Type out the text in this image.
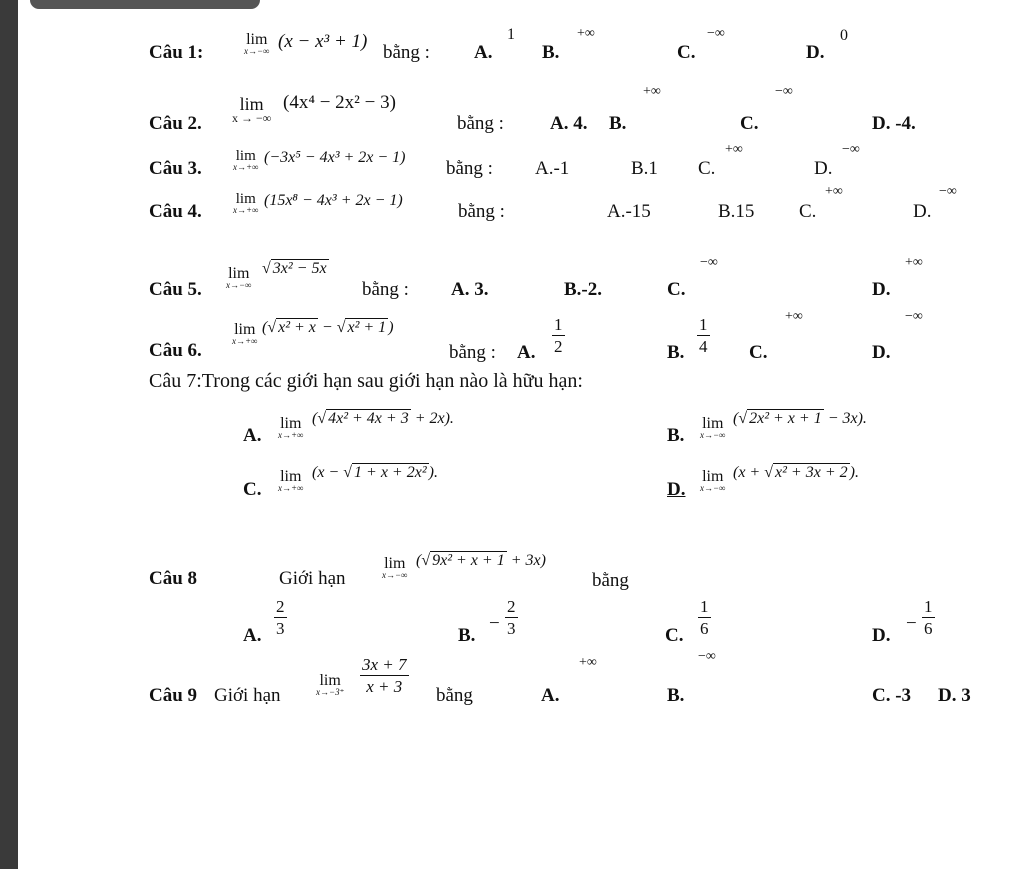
Câu 1:
lim
x→−∞ (x − x³ + 1)
bằng : A.
1
B.
+∞
C.
−∞
D.
0
Câu 2.
lim
x → −∞
(4x⁴ − 2x² − 3)
bằng : A. 4. B.
+∞
C.
−∞
D. -4.
Câu 3.
lim
x→+∞
(−3x⁵ − 4x³ + 2x − 1)
bằng : A.-1	B.1 C.
+∞
D.
−∞
Câu 4.
lim
x→+∞
(15x⁸ − 4x³ + 2x − 1)
bằng :	A.-15	B.15 C.
+∞
D.
−∞
Câu 5.
lim
x→−∞
√ 3x² − 5x
bằng : A. 3.	B.-2.	C.
−∞
D.
+∞
Câu 6.
lim
x→+∞
(√ x² + x − √ x² + 1 )
bằng : A. $\frac{1}{2}$	B. $\frac{1}{4} C$.
+∞
D.
−∞
Câu 7:Trong các giới hạn sau giới hạn nào là hữu hạn:
A.
lim
x→+∞
(√ 4x² + 4x + 3 + 2x).
B.
lim
x→−∞
(√ 2x² + x + 1 − 3x).
C.
lim
x→+∞
(x − √ 1 + x + 2x² ).
D.
lim
x→−∞
(x + √ x² + 3x + 2 ).
Câu 8	Giới hạn
lim
x→−∞
(√ 9x² + x + 1 + 3x)
bằng
A. $\frac{2}{3}$	B.
− $\frac{2}{3}$	C. $\frac{1}{6}$	D.
− $\frac{1}{6}$
Câu 9 Giới hạn
lim
$x\to-3^+ \frac{3x + 7}{x + 3}$
bằng	A.
+∞
B.
−∞
C. -3 D. 3
